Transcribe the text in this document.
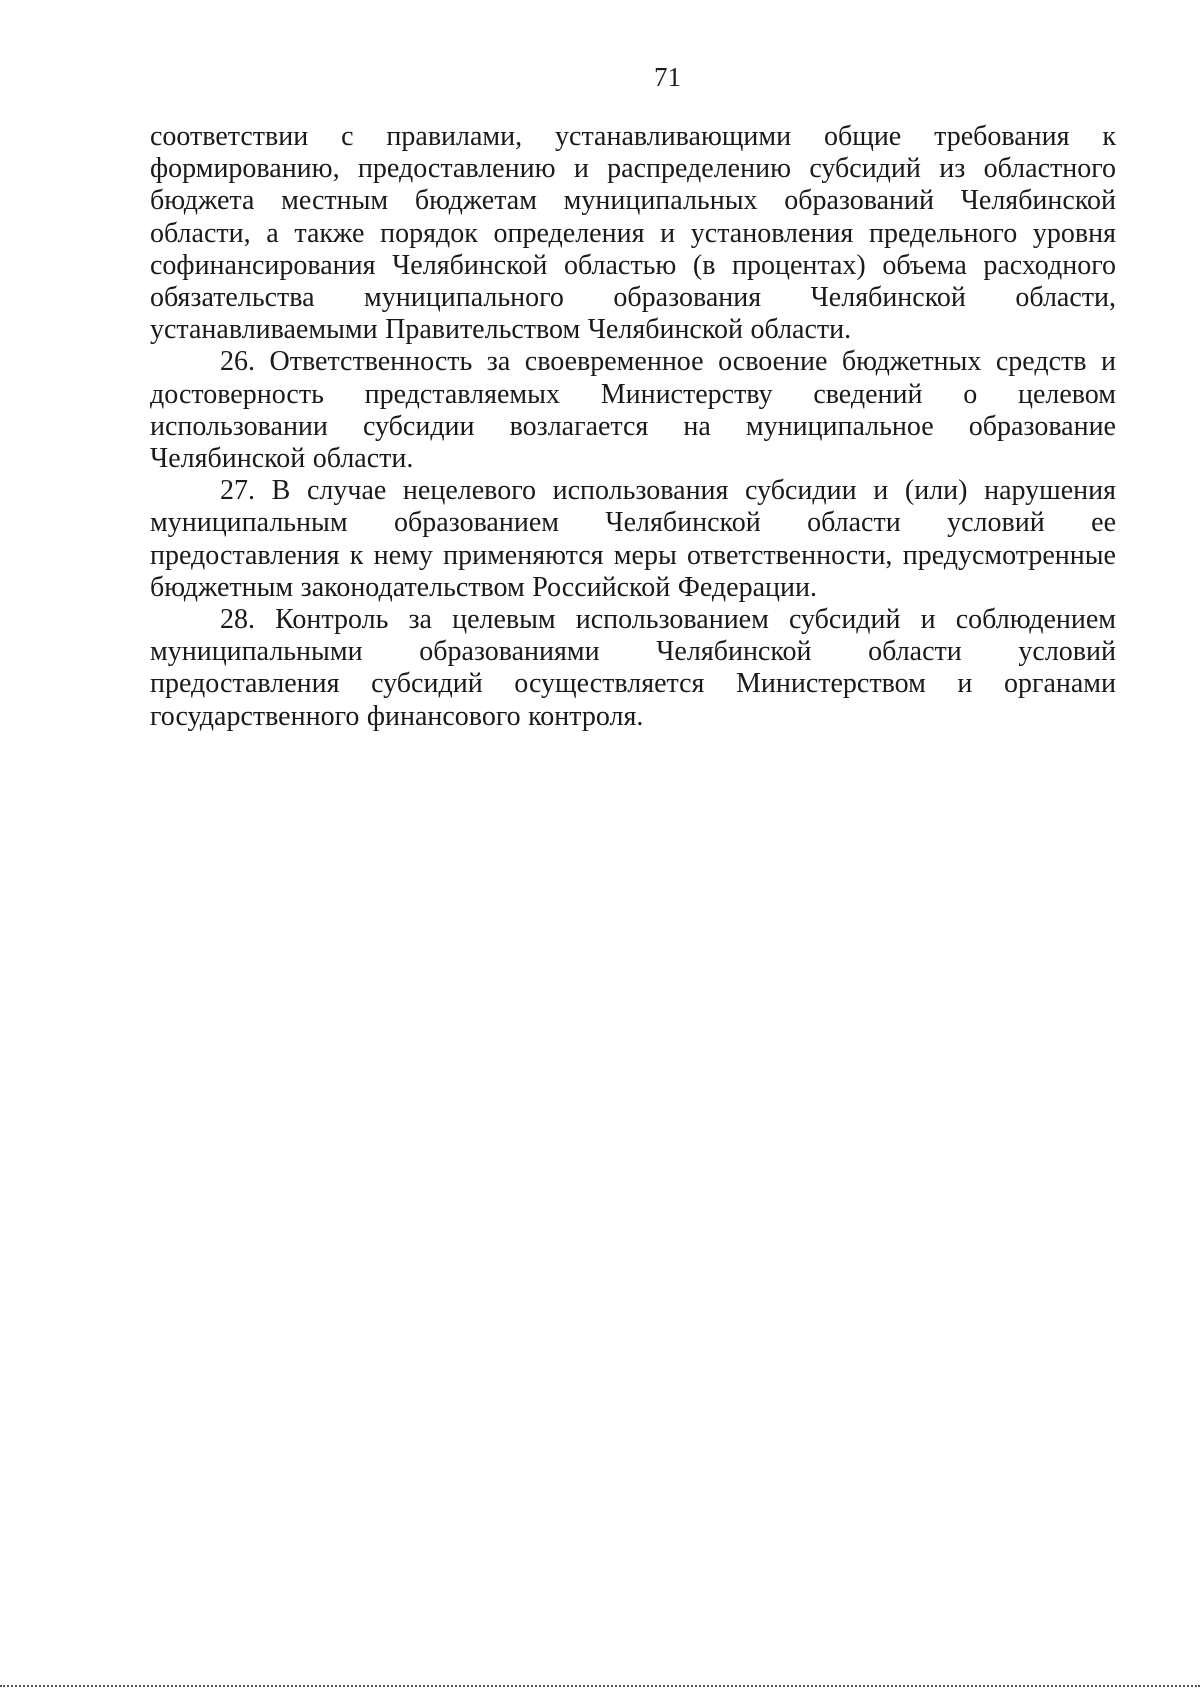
71

соответствии с правилами, устанавливающими общие требования к формированию, предоставлению и распределению субсидий из областного бюджета местным бюджетам муниципальных образований Челябинской области, а также порядок определения и установления предельного уровня софинансирования Челябинской областью (в процентах) объема расходного обязательства муниципального образования Челябинской области, устанавливаемыми Правительством Челябинской области.

26. Ответственность за своевременное освоение бюджетных средств и достоверность представляемых Министерству сведений о целевом использовании субсидии возлагается на муниципальное образование Челябинской области.

27. В случае нецелевого использования субсидии и (или) нарушения муниципальным образованием Челябинской области условий ее предоставления к нему применяются меры ответственности, предусмотренные бюджетным законодательством Российской Федерации.

28. Контроль за целевым использованием субсидий и соблюдением муниципальными образованиями Челябинской области условий предоставления субсидий осуществляется Министерством и органами государственного финансового контроля.
